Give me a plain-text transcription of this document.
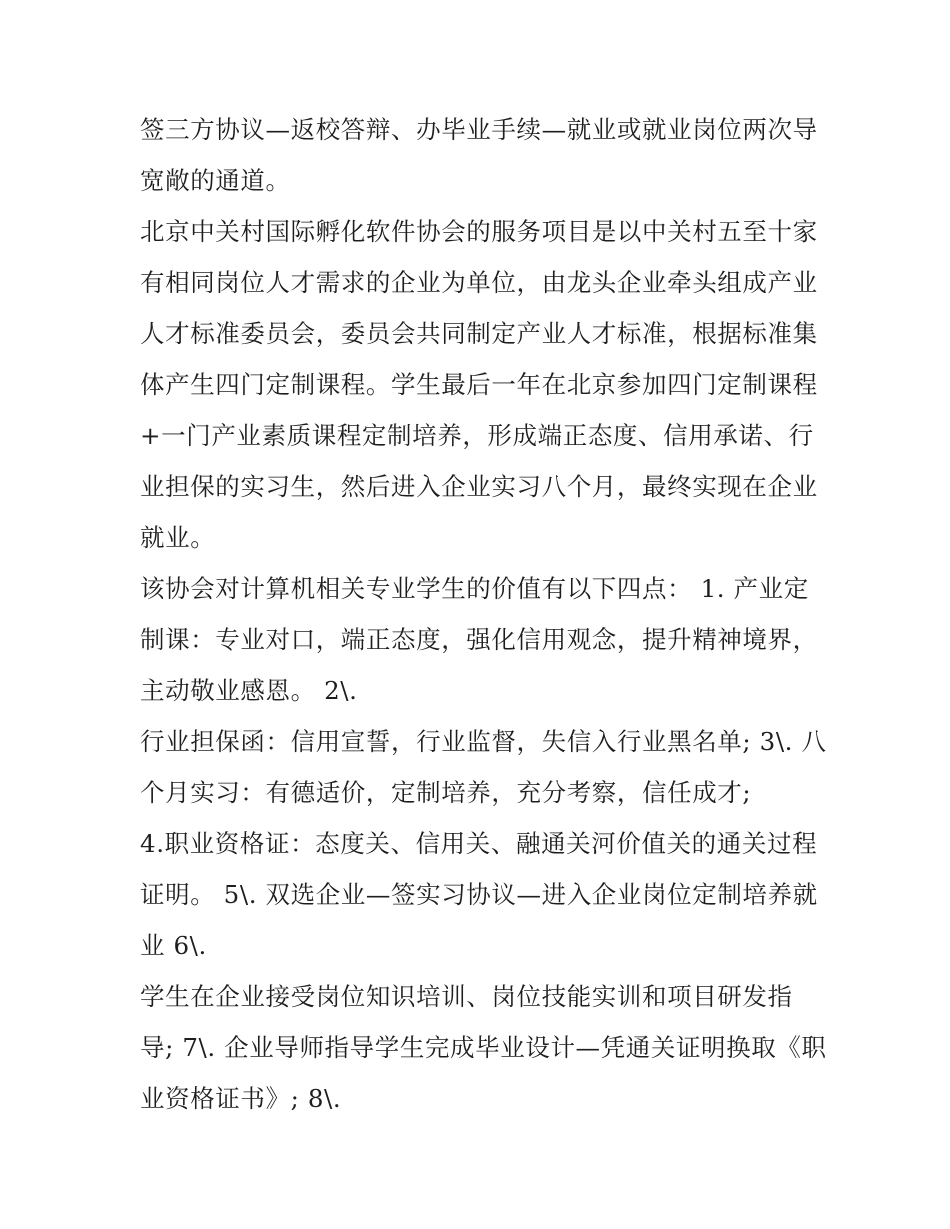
签三方协议—返校答辩、办毕业手续—就业或就业岗位两次导
宽敞的通道。
北京中关村国际孵化软件协会的服务项目是以中关村五至十家
有相同岗位人才需求的企业为单位，由龙头企业牵头组成产业
人才标准委员会，委员会共同制定产业人才标准，根据标准集
体产生四门定制课程。学生最后一年在北京参加四门定制课程
+一门产业素质课程定制培养，形成端正态度、信用承诺、行
业担保的实习生，然后进入企业实习八个月，最终实现在企业
就业。
该协会对计算机相关专业学生的价值有以下四点： 1. 产业定
制课：专业对口，端正态度，强化信用观念，提升精神境界，
主动敬业感恩。 2\.
行业担保函：信用宣誓，行业监督，失信入行业黑名单; 3\. 八
个月实习：有德适价，定制培养，充分考察，信任成才;
4.职业资格证：态度关、信用关、融通关河价值关的通关过程
证明。 5\. 双选企业—签实习协议—进入企业岗位定制培养就
业 6\.
学生在企业接受岗位知识培训、岗位技能实训和项目研发指
导; 7\. 企业导师指导学生完成毕业设计—凭通关证明换取《职
业资格证书》; 8\.
